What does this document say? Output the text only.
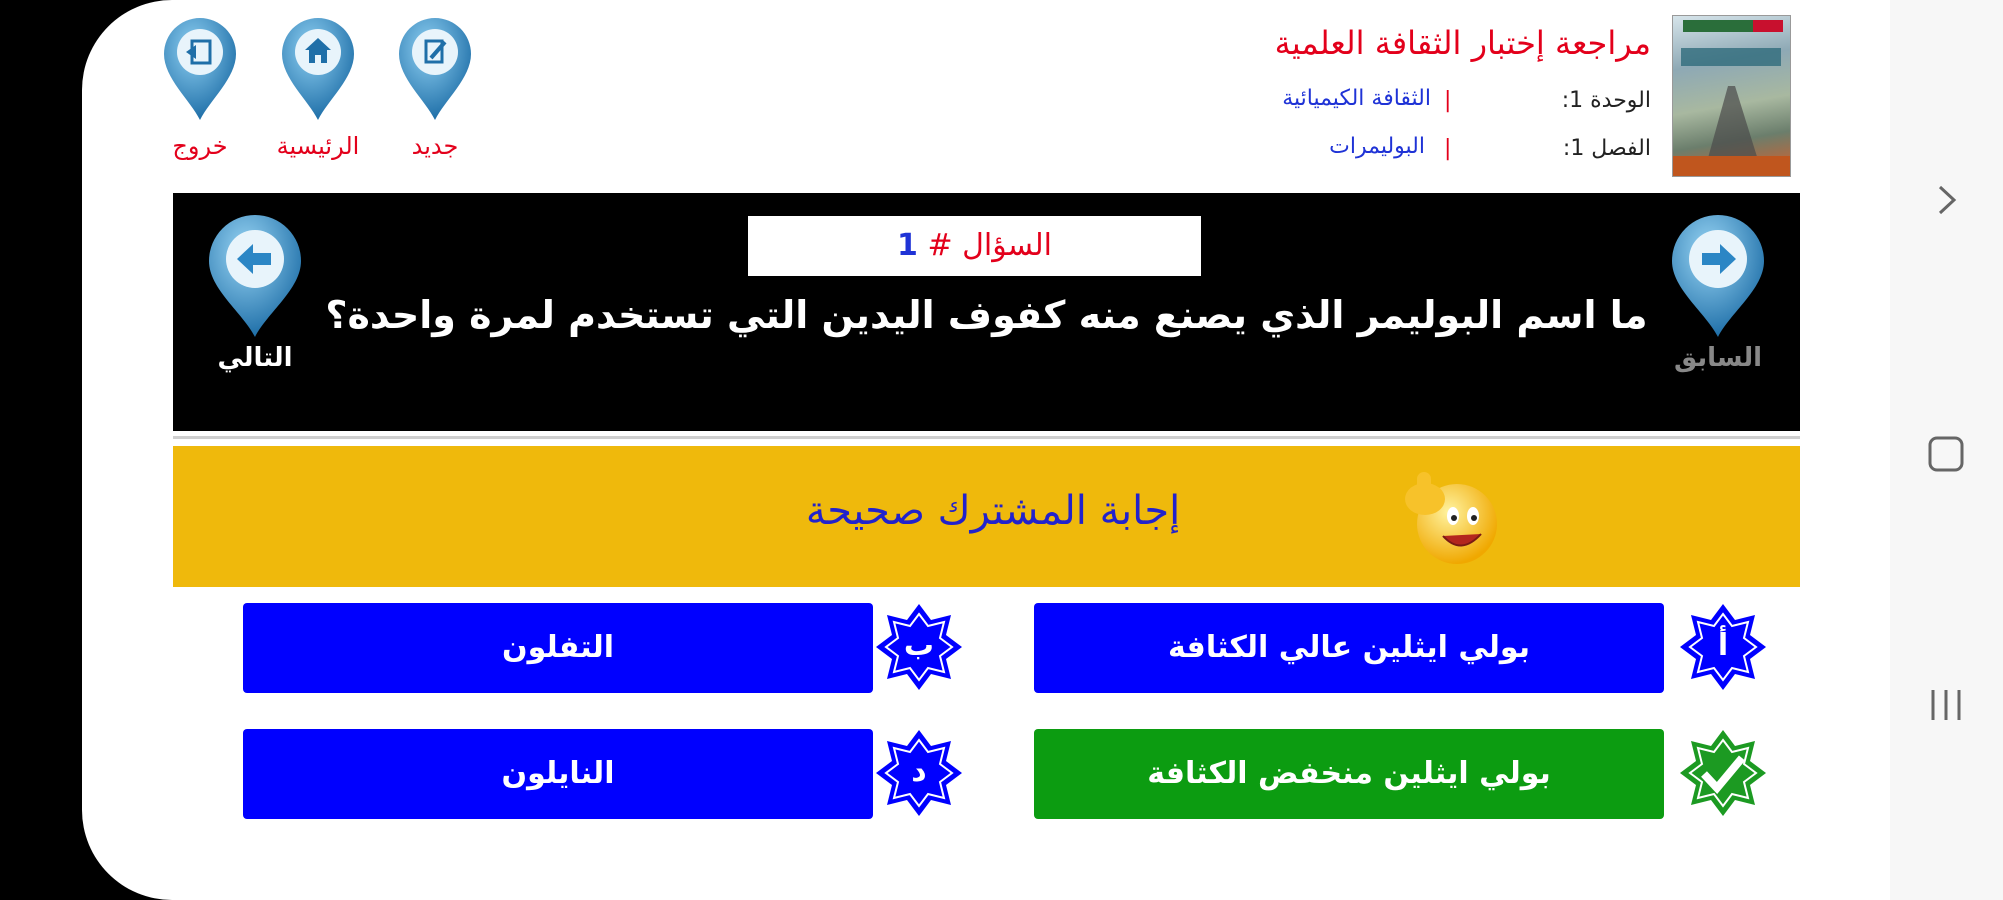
مراجعة إختبار الثقافة العلمية
الوحدة 1:
|
الثقافة الكيميائية
الفصل 1:
|
البوليمرات
جديد
الرئيسية
خروج
السؤال # 1
ما اسم البوليمر الذي يصنع منه كفوف اليدين التي تستخدم لمرة واحدة؟
السابق
التالي
إجابة المشترك صحيحة
بولي ايثلين عالي الكثافة	أ
التفلون	ب
بولي ايثلين منخفض الكثافة
النايلون	د
